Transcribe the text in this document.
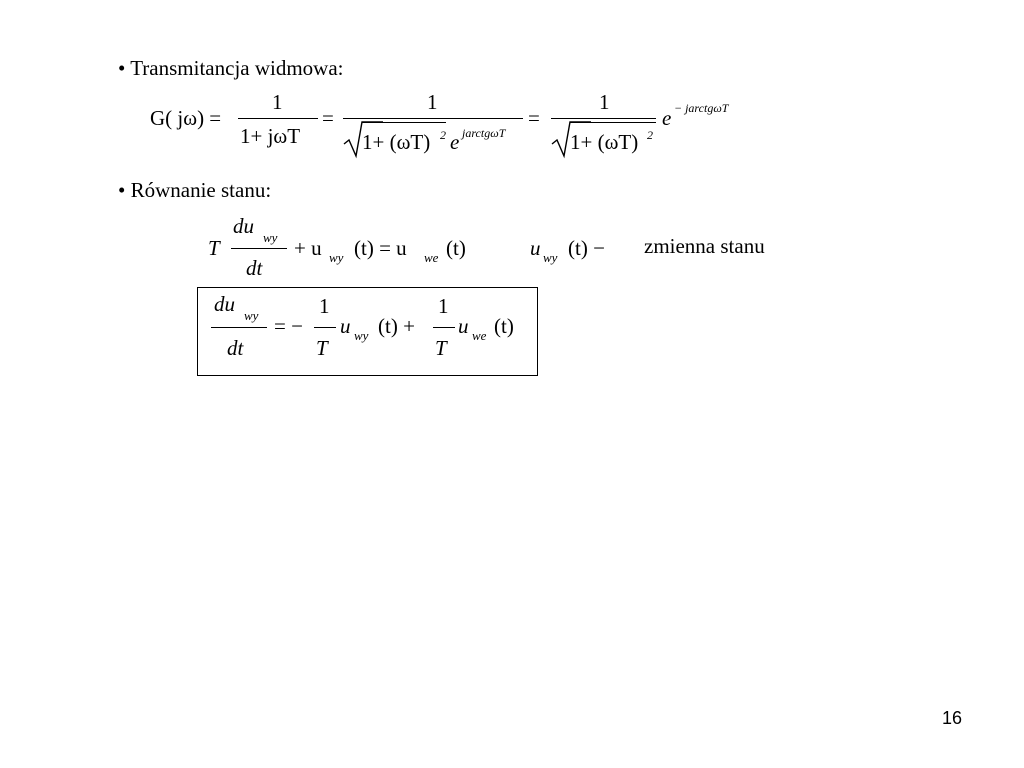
• Transmitancja widmowa:
G( jω) =
1
1+ jωT
=
1
1+ (ωT) 2 e jarctgωT
=
1
1+ (ωT) 2
e − jarctgωT
• Równanie stanu:
T
du wy
dt
+ u wy (t) = u we (t)	u wy (t) − zmienna stanu
du wy
dt
= −
1
T
u wy (t) +
1
T
u we (t)
16
